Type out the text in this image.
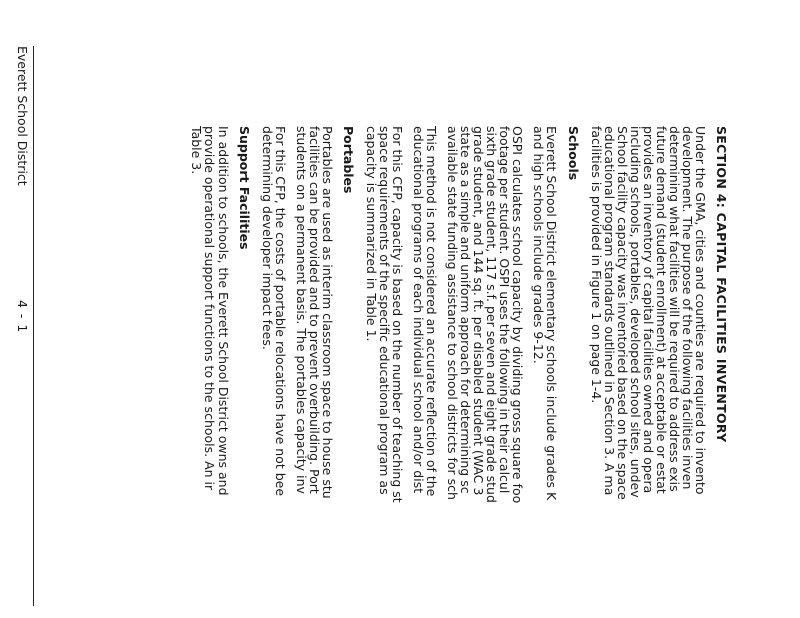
SECTION 4: CAPITAL FACILITIES INVENTORY
Under the GMA, cities and counties are required to invento
development. The purpose of the following facilities inven
determining what facilities will be required to address exis
future demand (student enrollment) at acceptable or estat
provides an inventory of capital facilities owned and opera
including schools, portables, developed school sites, undev
School facility capacity was inventoried based on the space
educational program standards outlined in Section 3. A ma
facilities is provided in Figure 1 on page 1-4.
Schools
Everett School District elementary schools include grades K
and high schools include grades 9-12.
OSPI calculates school capacity by dividing gross square foo
footage per student. OSPI uses the following in their calcul
sixth grade student, 117 s.f. per seven and eight grade stud
grade student, and 144 sq. ft. per disabled student (WAC 3
state as a simple and uniform approach for determining sc
available state funding assistance to school districts for sch
This method is not considered an accurate reflection of the
educational programs of each individual school and/or dist
For this CFP, capacity is based on the number of teaching st
space requirements of the specific educational program as
capacity is summarized in Table 1.
Portables
Portables are used as interim classroom space to house stu
facilities can be provided and to prevent overbuilding. Port
students on a permanent basis. The portables capacity inv
For this CFP, the costs of portable relocations have not bee
determining developer impact fees.
Support Facilities
In addition to schools, the Everett School District owns and
provide operational support functions to the schools. An ir
Table 3.
Everett School District
4 - 1
